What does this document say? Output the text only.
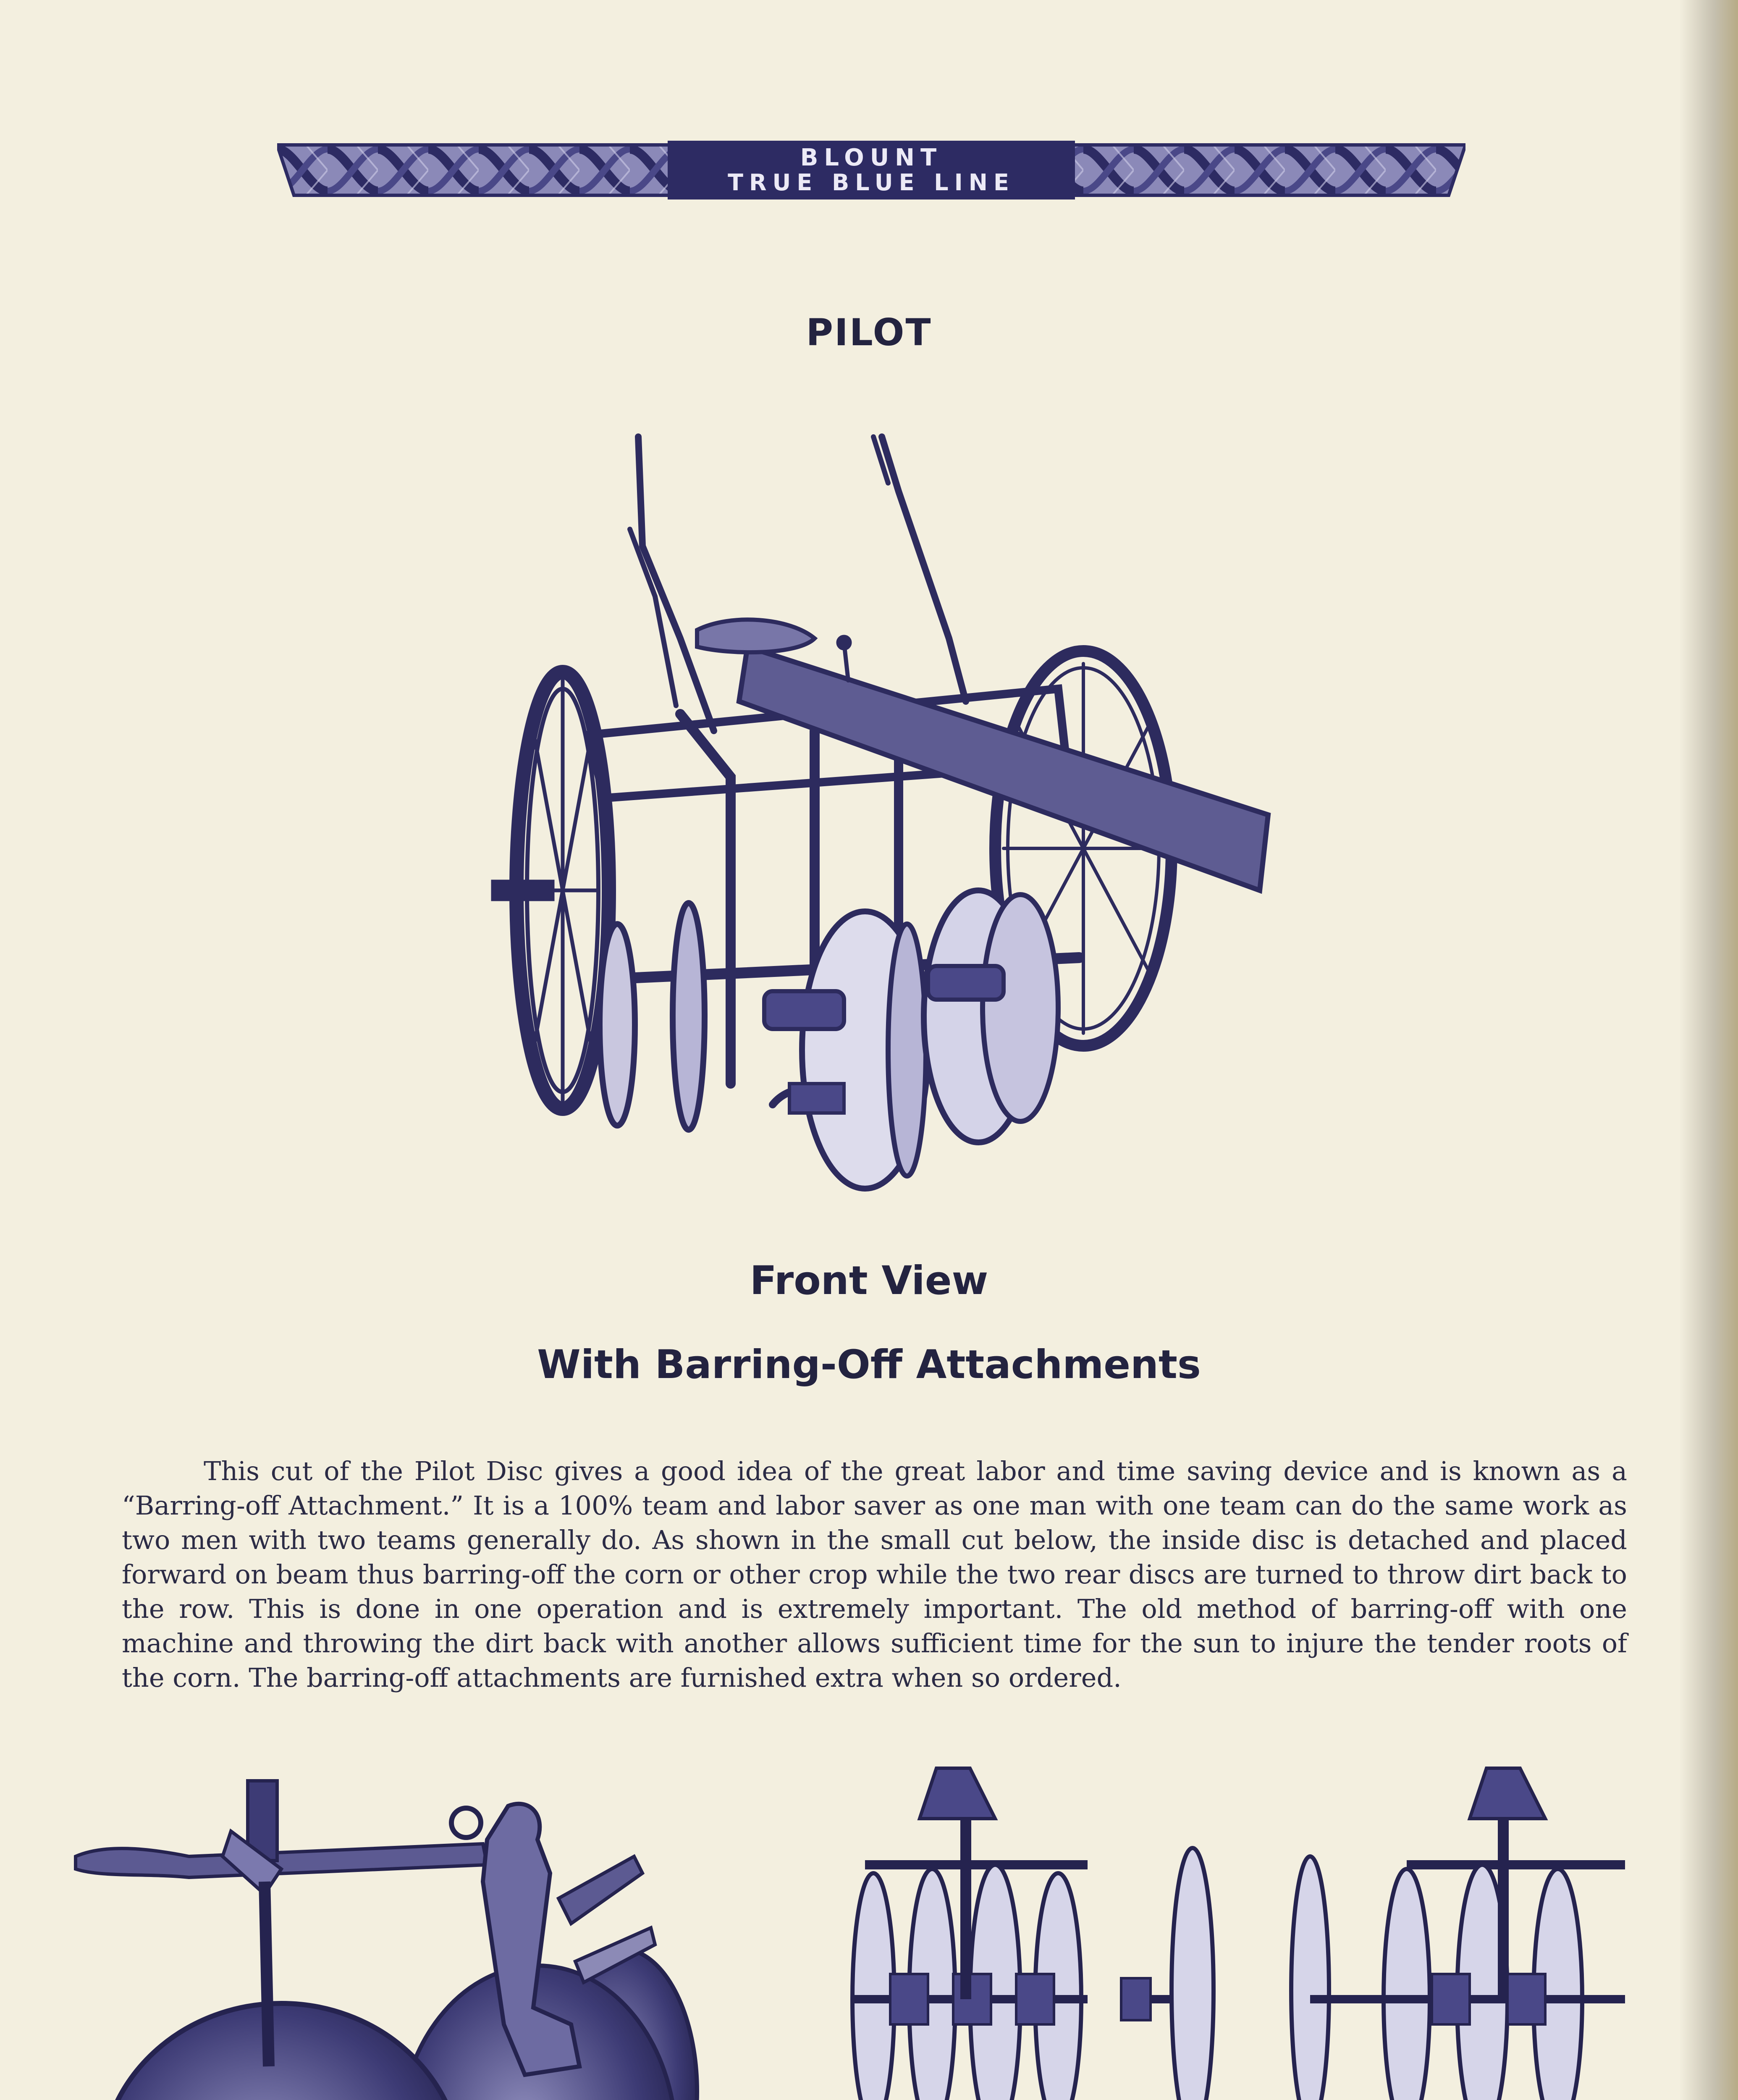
BLOUNT
TRUE BLUE LINE
PILOT
Front View
With Barring-Off Attachments

This cut of the Pilot Disc gives a good idea of the great labor and time saving device and is known as a “Barring-off Attachment.” It is a 100% team and labor saver as one man with one team can do the same work as two men with two teams generally do. As shown in the small cut below, the inside disc is detached and placed forward on beam thus barring-off the corn or other crop while the two rear discs are turned to throw dirt back to the row. This is done in one operation and is extremely important. The old method of barring-off with one machine and throwing the dirt back with another allows sufficient time for the sun to injure the tender roots of the corn. The barring-off attachments are furnished extra when so ordered.
